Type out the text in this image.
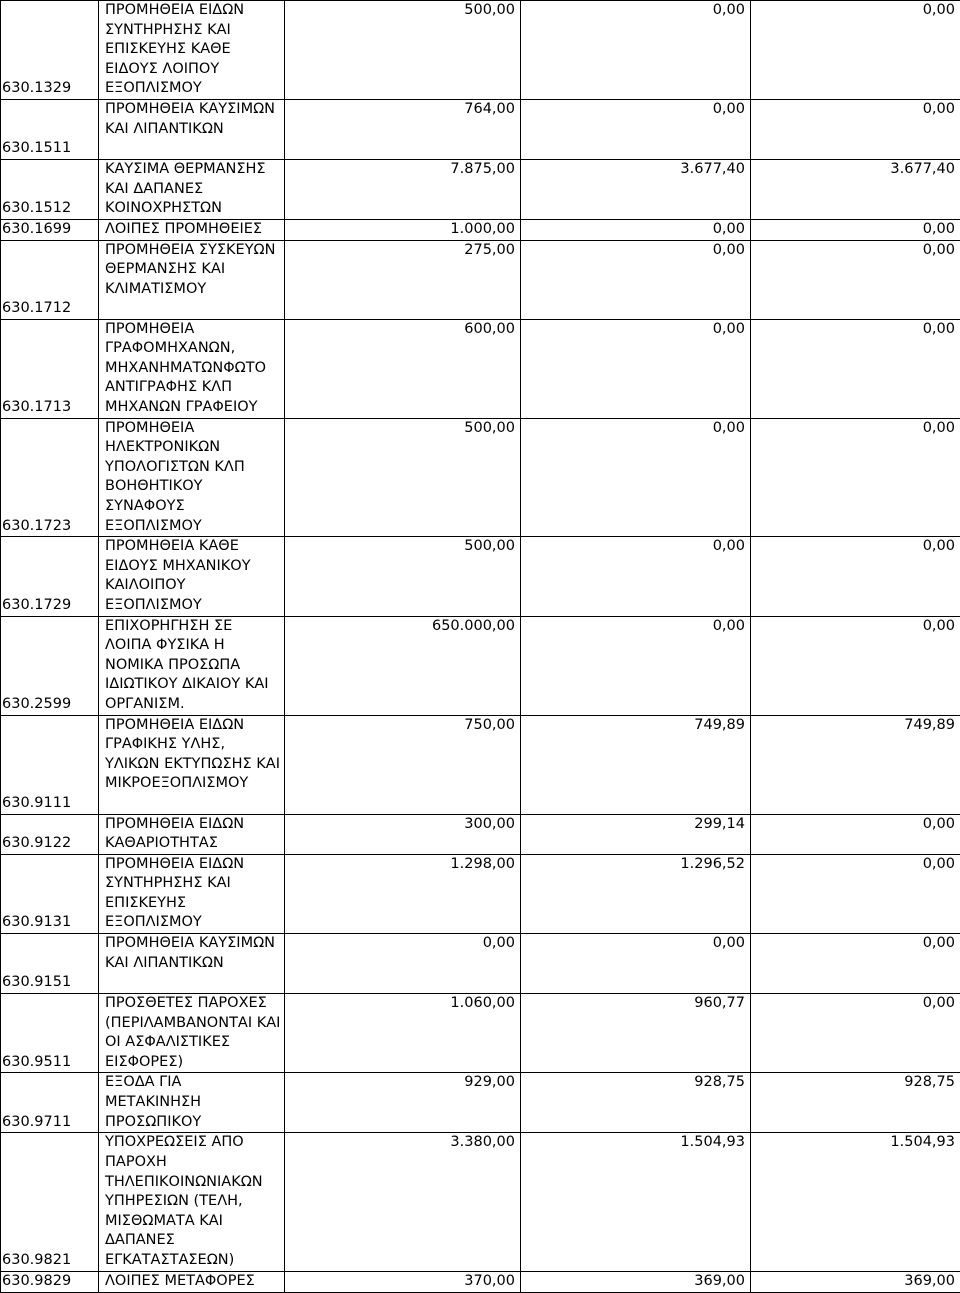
630.1329	ΠΡΟΜΗΘΕΙΑ ΕΙΔΩΝ ΣΥΝΤΗΡΗΣΗΣ ΚΑΙ ΕΠΙΣΚΕΥΗΣ ΚΑΘΕ ΕΙΔΟΥΣ ΛΟΙΠΟΥ ΕΞΟΠΛΙΣΜΟΥ	500,00	0,00	0,00
630.1511	ΠΡΟΜΗΘΕΙΑ ΚΑΥΣΙΜΩΝ ΚΑΙ ΛΙΠΑΝΤΙΚΩΝ	764,00	0,00	0,00
630.1512	ΚΑΥΣΙΜΑ ΘΕΡΜΑΝΣΗΣ ΚΑΙ ΔΑΠΑΝΕΣ ΚΟΙΝΟΧΡΗΣΤΩΝ	7.875,00	3.677,40	3.677,40
630.1699	ΛΟΙΠΕΣ ΠΡΟΜΗΘΕΙΕΣ	1.000,00	0,00	0,00
630.1712	ΠΡΟΜΗΘΕΙΑ ΣΥΣΚΕΥΩΝ ΘΕΡΜΑΝΣΗΣ ΚΑΙ ΚΛΙΜΑΤΙΣΜΟΥ	275,00	0,00	0,00
630.1713	ΠΡΟΜΗΘΕΙΑ ΓΡΑΦΟΜΗΧΑΝΩΝ, ΜΗΧΑΝΗΜΑΤΩΝΦΩΤΟ ΑΝΤΙΓΡΑΦΗΣ ΚΛΠ ΜΗΧΑΝΩΝ ΓΡΑΦΕΙΟΥ	600,00	0,00	0,00
630.1723	ΠΡΟΜΗΘΕΙΑ ΗΛΕΚΤΡΟΝΙΚΩΝ ΥΠΟΛΟΓΙΣΤΩΝ ΚΛΠ ΒΟΗΘΗΤΙΚΟΥ ΣΥΝΑΦΟΥΣ ΕΞΟΠΛΙΣΜΟΥ	500,00	0,00	0,00
630.1729	ΠΡΟΜΗΘΕΙΑ ΚΑΘΕ ΕΙΔΟΥΣ ΜΗΧΑΝΙΚΟΥ ΚΑΙΛΟΙΠΟΥ ΕΞΟΠΛΙΣΜΟΥ	500,00	0,00	0,00
630.2599	ΕΠΙΧΟΡΗΓΗΣΗ ΣΕ ΛΟΙΠΑ ΦΥΣΙΚΑ Η ΝΟΜΙΚΑ ΠΡΟΣΩΠΑ ΙΔΙΩΤΙΚΟΥ ΔΙΚΑΙΟΥ ΚΑΙ ΟΡΓΑΝΙΣΜ.	650.000,00	0,00	0,00
630.9111	ΠΡΟΜΗΘΕΙΑ ΕΙΔΩΝ ΓΡΑΦΙΚΗΣ ΥΛΗΣ, ΥΛΙΚΩΝ ΕΚΤΥΠΩΣΗΣ ΚΑΙ ΜΙΚΡΟΕΞΟΠΛΙΣΜΟΥ	750,00	749,89	749,89
630.9122	ΠΡΟΜΗΘΕΙΑ ΕΙΔΩΝ ΚΑΘΑΡΙΟΤΗΤΑΣ	300,00	299,14	0,00
630.9131	ΠΡΟΜΗΘΕΙΑ ΕΙΔΩΝ ΣΥΝΤΗΡΗΣΗΣ ΚΑΙ ΕΠΙΣΚΕΥΗΣ ΕΞΟΠΛΙΣΜΟΥ	1.298,00	1.296,52	0,00
630.9151	ΠΡΟΜΗΘΕΙΑ ΚΑΥΣΙΜΩΝ ΚΑΙ ΛΙΠΑΝΤΙΚΩΝ	0,00	0,00	0,00
630.9511	ΠΡΟΣΘΕΤΕΣ ΠΑΡΟΧΕΣ (ΠΕΡΙΛΑΜΒΑΝΟΝΤΑΙ ΚΑΙ ΟΙ ΑΣΦΑΛΙΣΤΙΚΕΣ ΕΙΣΦΟΡΕΣ)	1.060,00	960,77	0,00
630.9711	ΕΞΟΔΑ ΓΙΑ ΜΕΤΑΚΙΝΗΣΗ ΠΡΟΣΩΠΙΚΟΥ	929,00	928,75	928,75
630.9821	ΥΠΟΧΡΕΩΣΕΙΣ ΑΠΟ ΠΑΡΟΧΗ ΤΗΛΕΠΙΚΟΙΝΩΝΙΑΚΩΝ ΥΠΗΡΕΣΙΩΝ (ΤΕΛΗ, ΜΙΣΘΩΜΑΤΑ ΚΑΙ ΔΑΠΑΝΕΣ ΕΓΚΑΤΑΣΤΑΣΕΩΝ)	3.380,00	1.504,93	1.504,93
630.9829	ΛΟΙΠΕΣ ΜΕΤΑΦΟΡΕΣ	370,00	369,00	369,00
